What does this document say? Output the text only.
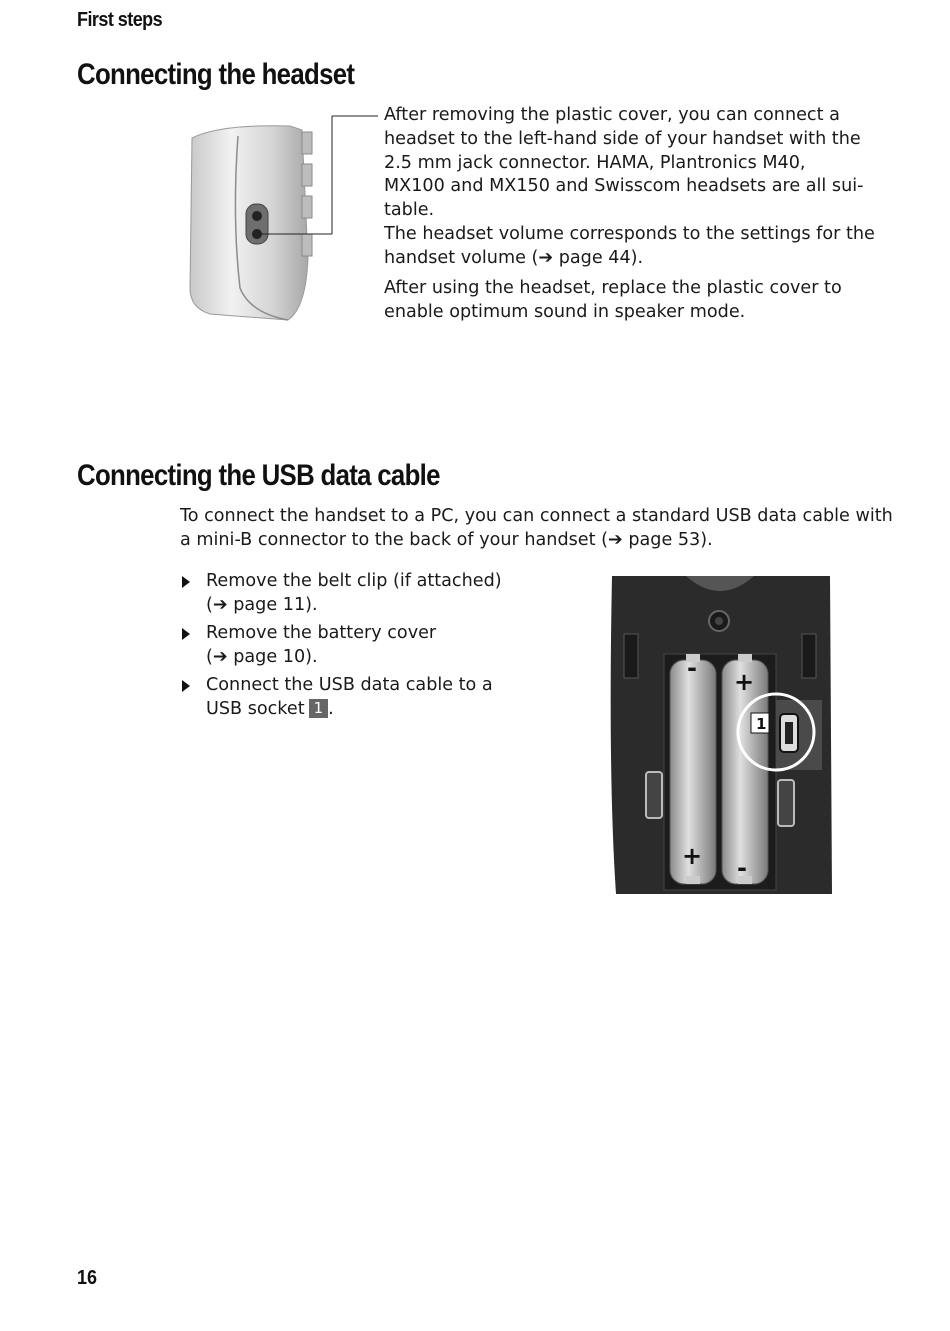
First steps
Connecting the headset

After removing the plastic cover, you can connect a
headset to the left-hand side of your handset with the
2.5 mm jack connector. HAMA, Plantronics M40,
MX100 and MX150 and Swisscom headsets are all sui-
table.
The headset volume corresponds to the settings for the
handset volume (➔ page 44).

After using the headset, replace the plastic cover to
enable optimum sound in speaker mode.

Connecting the USB data cable

To connect the handset to a PC, you can connect a standard USB data cable with
a mini-B connector to the back of your handset (➔ page 53).

Remove the belt clip (if attached)
(➔ page 11).
Remove the battery cover
(➔ page 10).
Connect the USB data cable to a
USB socket 1 .
- +
+ -
1

16
